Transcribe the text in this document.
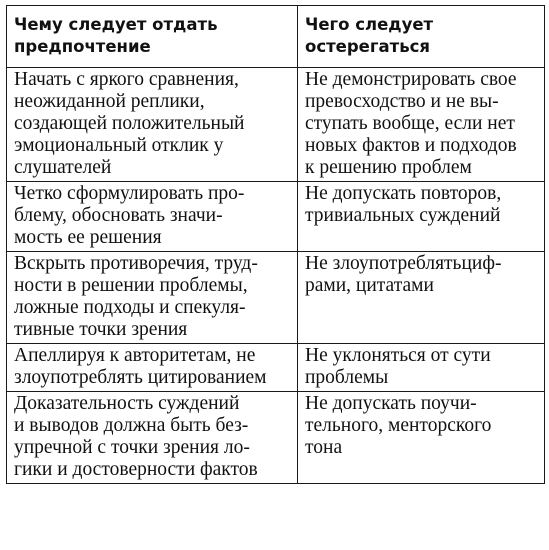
Чему следует отдать
предпочтение	Чего следует
остерегаться

Начать с яркого сравнения,
неожиданной реплики,
создающей положительный
эмоциональный отклик у
слушателей	Не демонстрировать свое
превосходство и не вы-
ступать вообще, если нет
новых фактов и подходов
к решению проблем

Четко сформулировать про-
блему, обосновать значи-
мость ее решения	Не допускать повторов,
тривиальных суждений

Вскрыть противоречия, труд-
ности в решении проблемы,
ложные подходы и спекуля-
тивные точки зрения	Не злоупотреблятьциф-
рами, цитатами

Апеллируя к авторитетам, не
злоупотреблять цитированием	Не уклоняться от сути
проблемы

Доказательность суждений
и выводов должна быть без-
упречной с точки зрения ло-
гики и достоверности фактов	Не допускать поучи-
тельного, менторского
тона
